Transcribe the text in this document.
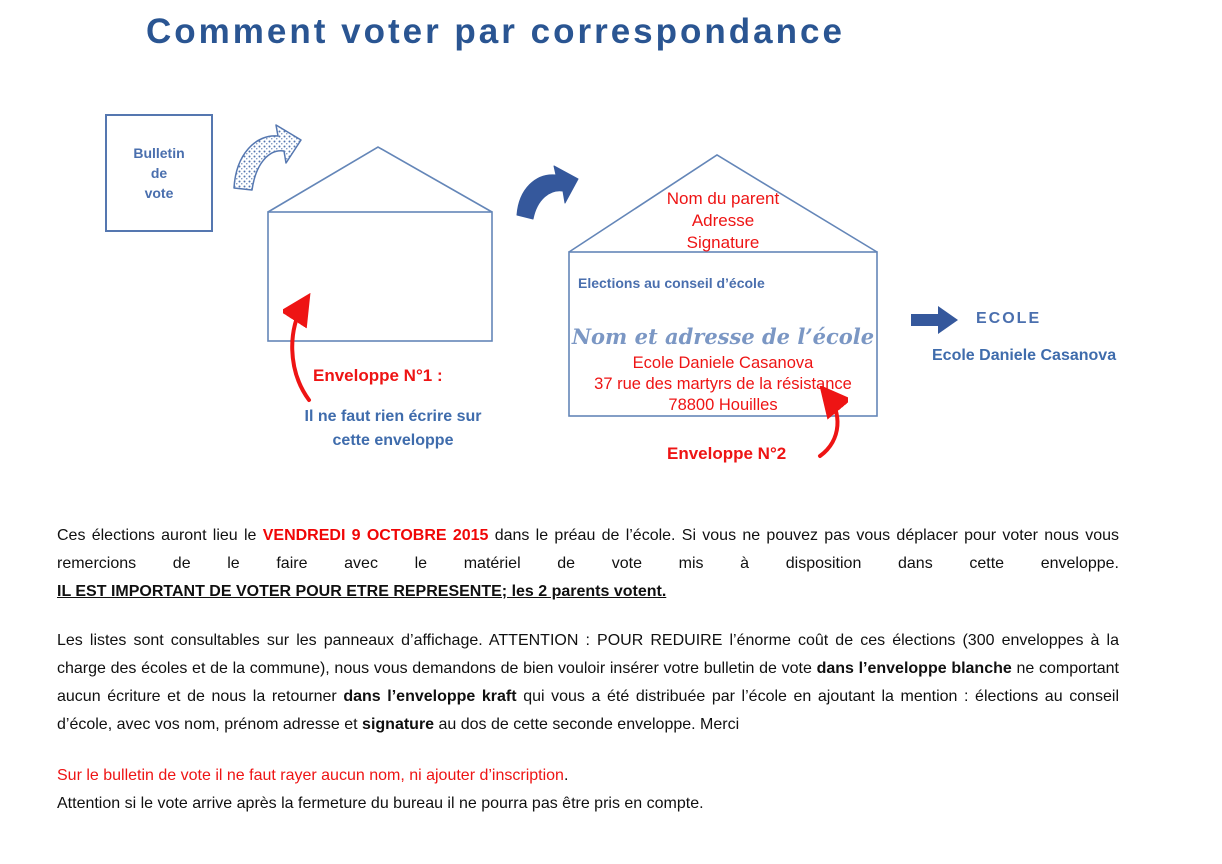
Comment voter par correspondance
Bulletin
de
vote
Enveloppe N°1 :
Il ne faut rien écrire sur
cette enveloppe
Nom du parent
Adresse
Signature
Elections au conseil d’école
Nom et adresse de l’école
Ecole Daniele Casanova
37 rue des martyrs de la résistance
78800 Houilles
Enveloppe N°2
ECOLE
Ecole Daniele Casanova
Ces élections auront lieu le VENDREDI 9 OCTOBRE 2015 dans le préau de l’école. Si vous ne pouvez pas vous déplacer pour voter nous vous remercions de le faire avec le matériel de vote mis à disposition dans cette enveloppe.
IL EST IMPORTANT DE VOTER POUR ETRE REPRESENTE; les 2 parents votent.
Les listes sont consultables sur les panneaux d’affichage. ATTENTION : POUR REDUIRE l’énorme coût de ces élections (300 enveloppes à la charge des écoles et de la commune), nous vous demandons de bien vouloir insérer votre bulletin de vote dans l’enveloppe blanche ne comportant aucun écriture et de nous la retourner dans l’enveloppe kraft qui vous a été distribuée par l’école en ajoutant la mention : élections au conseil d’école, avec vos nom, prénom adresse et signature au dos de cette seconde enveloppe. Merci
Sur le bulletin de vote il ne faut rayer aucun nom, ni ajouter d’inscription.
Attention si le vote arrive après la fermeture du bureau il ne pourra pas être pris en compte.
